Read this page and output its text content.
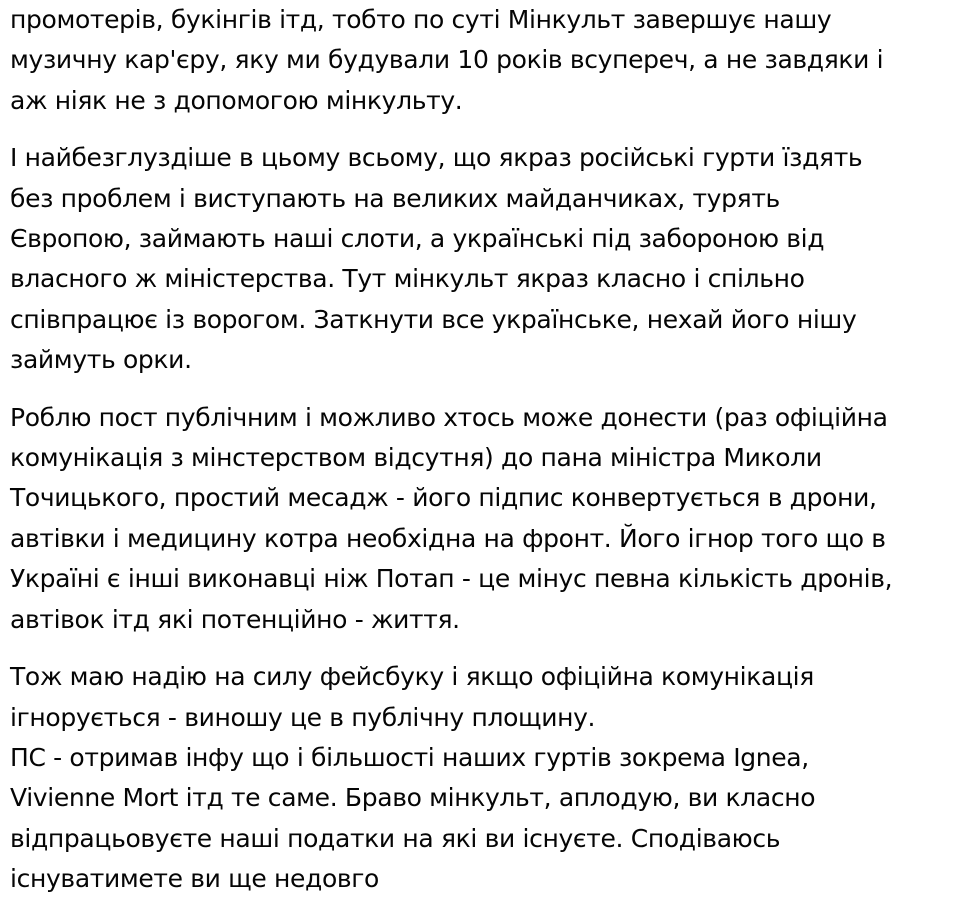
промотерів, букінгів ітд, тобто по суті Мінкульт завершує нашу
музичну кар'єру, яку ми будували 10 років всупереч, а не завдяки і
аж ніяк не з допомогою мінкульту.

І найбезглуздіше в цьому всьому, що якраз російські гурти їздять
без проблем і виступають на великих майданчиках, турять
Європою, займають наші слоти, а українські під забороною від
власного ж міністерства. Тут мінкульт якраз класно і спільно
співпрацює із ворогом. Заткнути все українське, нехай його нішу
займуть орки.

Роблю пост публічним і можливо хтось може донести (раз офіційна
комунікація з мінстерством відсутня) до пана міністра Миколи
Точицького, простий месадж - його підпис конвертується в дрони,
автівки і медицину котра необхідна на фронт. Його ігнор того що в
Україні є інші виконавці ніж Потап - це мінус певна кількість дронів,
автівок ітд які потенційно - життя.

Тож маю надію на силу фейсбуку і якщо офіційна комунікація
ігнорується - виношу це в публічну площину.
ПС - отримав інфу що і більшості наших гуртів зокрема Ignea,
Vivienne Mort ітд те саме. Браво мінкульт, аплодую, ви класно
відпрацьовуєте наші податки на які ви існуєте. Сподіваюсь
існуватимете ви ще недовго
